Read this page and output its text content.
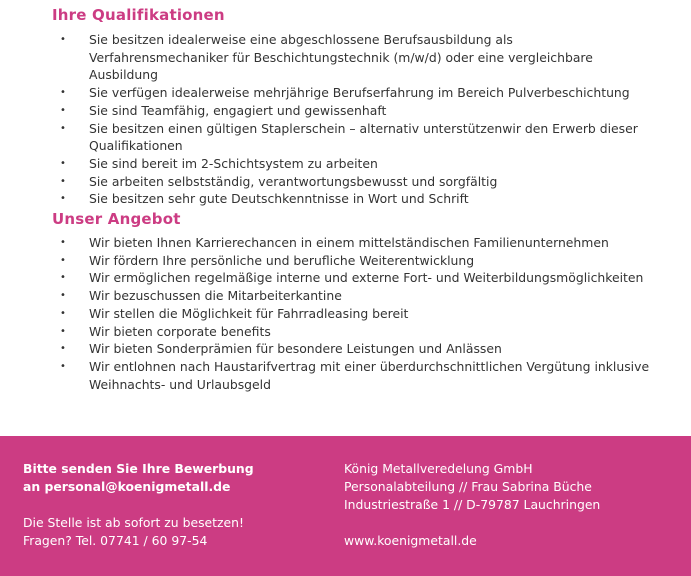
Ihre Qualifikationen
• Sie besitzen idealerweise eine abgeschlossene Berufsausbildung als Verfahrensmechaniker für Beschichtungstechnik (m/w/d) oder eine vergleichbare Ausbildung
• Sie verfügen idealerweise mehrjährige Berufserfahrung im Bereich Pulverbeschichtung
• Sie sind Teamfähig, engagiert und gewissenhaft
• Sie besitzen einen gültigen Staplerschein – alternativ unterstützenwir den Erwerb dieser Qualifikationen
• Sie sind bereit im 2-Schichtsystem zu arbeiten
• Sie arbeiten selbstständig, verantwortungsbewusst und sorgfältig
• Sie besitzen sehr gute Deutschkenntnisse in Wort und Schrift
Unser Angebot
• Wir bieten Ihnen Karrierechancen in einem mittelständischen Familienunternehmen
• Wir fördern Ihre persönliche und berufliche Weiterentwicklung
• Wir ermöglichen regelmäßige interne und externe Fort- und Weiterbildungsmöglichkeiten
• Wir bezuschussen die Mitarbeiterkantine
• Wir stellen die Möglichkeit für Fahrradleasing bereit
• Wir bieten corporate benefits
• Wir bieten Sonderprämien für besondere Leistungen und Anlässen
• Wir entlohnen nach Haustarifvertrag mit einer überdurchschnittlichen Vergütung inklusive Weihnachts- und Urlaubsgeld
Bitte senden Sie Ihre Bewerbung
an personal@koenigmetall.de
Die Stelle ist ab sofort zu besetzen!
Fragen? Tel. 07741 / 60 97-54
König Metallveredelung GmbH
Personalabteilung // Frau Sabrina Büche
Industriestraße 1 // D-79787 Lauchringen
www.koenigmetall.de
